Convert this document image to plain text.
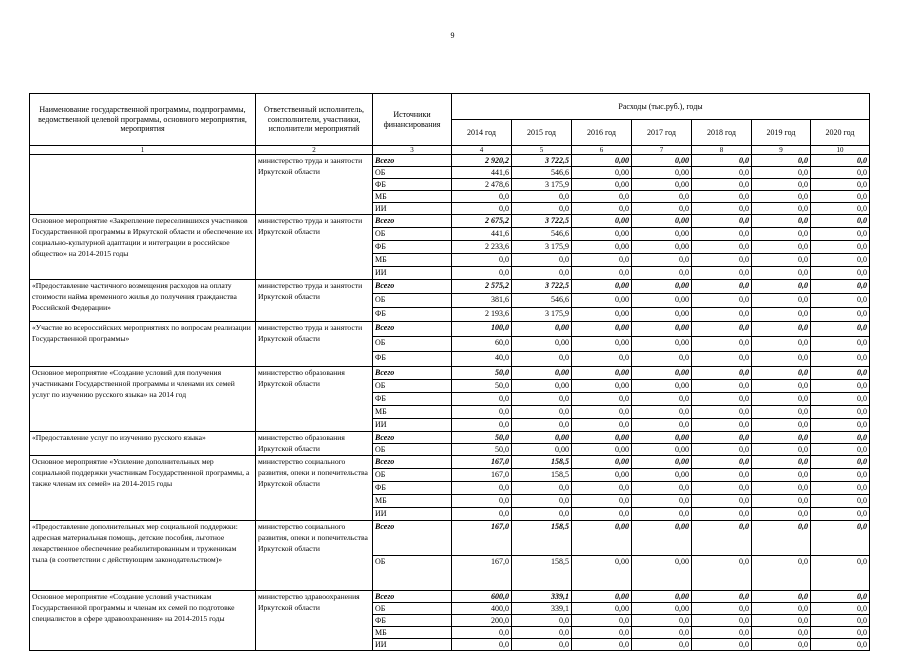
9
Наименование государственной программы, подпрограммы, ведомственной целевой программы, основного мероприятия, мероприятия	Ответственный исполнитель, соисполнители, участники, исполнители мероприятий	Источники финансирования	Расходы (тыс.руб.), годы						
			2014 год	2015 год	2016 год	2017 год	2018 год	2019 год	2020 год
1	2	3	4	5	6	7	8	9	10
	министерство труда и занятости Иркутской области	Всего	2 920,2	3 722,5	0,00	0,00	0,0	0,0	0,0
		ОБ	441,6	546,6	0,00	0,00	0,0	0,0	0,0
		ФБ	2 478,6	3 175,9	0,00	0,00	0,0	0,0	0,0
		МБ	0,0	0,0	0,0	0,0	0,0	0,0	0,0
		ИИ	0,0	0,0	0,0	0,0	0,0	0,0	0,0
Основное мероприятие «Закрепление переселившихся участников Государственной программы в Иркутской области и обеспечение их социально-культурной адаптации и интеграции в российское общество» на 2014-2015 годы	министерство труда и занятости Иркутской области	Всего	2 675,2	3 722,5	0,00	0,00	0,0	0,0	0,0
		ОБ	441,6	546,6	0,00	0,00	0,0	0,0	0,0
		ФБ	2 233,6	3 175,9	0,00	0,00	0,0	0,0	0,0
		МБ	0,0	0,0	0,0	0,0	0,0	0,0	0,0
		ИИ	0,0	0,0	0,0	0,0	0,0	0,0	0,0
«Предоставление частичного возмещения расходов на оплату стоимости найма временного жилья до получения гражданства Российской Федерации»	министерство труда и занятости Иркутской области	Всего	2 575,2	3 722,5	0,00	0,00	0,0	0,0	0,0
		ОБ	381,6	546,6	0,00	0,00	0,0	0,0	0,0
		ФБ	2 193,6	3 175,9	0,00	0,00	0,0	0,0	0,0
«Участие во всероссийских мероприятиях по вопросам реализации Государственной программы»	министерство труда и занятости Иркутской области	Всего	100,0	0,00	0,00	0,00	0,0	0,0	0,0
		ОБ	60,0	0,00	0,00	0,00	0,0	0,0	0,0
		ФБ	40,0	0,0	0,0	0,0	0,0	0,0	0,0
Основное мероприятие «Создание условий для получения участниками Государственной программы и членами их семей услуг по изучению русского языка» на 2014 год	министерство образования Иркутской области	Всего	50,0	0,00	0,00	0,00	0,0	0,0	0,0
		ОБ	50,0	0,00	0,00	0,00	0,0	0,0	0,0
		ФБ	0,0	0,0	0,0	0,0	0,0	0,0	0,0
		МБ	0,0	0,0	0,0	0,0	0,0	0,0	0,0
		ИИ	0,0	0,0	0,0	0,0	0,0	0,0	0,0
«Предоставление услуг по изучению русского языка»	министерство образования Иркутской области	Всего	50,0	0,00	0,00	0,00	0,0	0,0	0,0
		ОБ	50,0	0,00	0,00	0,00	0,0	0,0	0,0
Основное мероприятие «Усиление дополнительных мер социальной поддержки участникам Государственной программы, а также членам их семей» на 2014-2015 годы	министерство социального развития, опеки и попечительства Иркутской области	Всего	167,0	158,5	0,00	0,00	0,0	0,0	0,0
		ОБ	167,0	158,5	0,00	0,00	0,0	0,0	0,0
		ФБ	0,0	0,0	0,0	0,0	0,0	0,0	0,0
		МБ	0,0	0,0	0,0	0,0	0,0	0,0	0,0
		ИИ	0,0	0,0	0,0	0,0	0,0	0,0	0,0
«Предоставление дополнительных мер социальной поддержки: адресная материальная помощь, детские пособия, льготное лекарственное обеспечение реабилитированным и труженикам тыла (в соответствии с действующим законодательством)»	министерство социального развития, опеки и попечительства Иркутской области	Всего	167,0	158,5	0,00	0,00	0,0	0,0	0,0
		ОБ	167,0	158,5	0,00	0,00	0,0	0,0	0,0
Основное мероприятие «Создание условий участникам Государственной программы и членам их семей по подготовке специалистов в сфере здравоохранения» на 2014-2015 годы	министерство здравоохранения Иркутской области	Всего	600,0	339,1	0,00	0,00	0,0	0,0	0,0
		ОБ	400,0	339,1	0,00	0,00	0,0	0,0	0,0
		ФБ	200,0	0,0	0,0	0,0	0,0	0,0	0,0
		МБ	0,0	0,0	0,0	0,0	0,0	0,0	0,0
		ИИ	0,0	0,0	0,0	0,0	0,0	0,0	0,0
